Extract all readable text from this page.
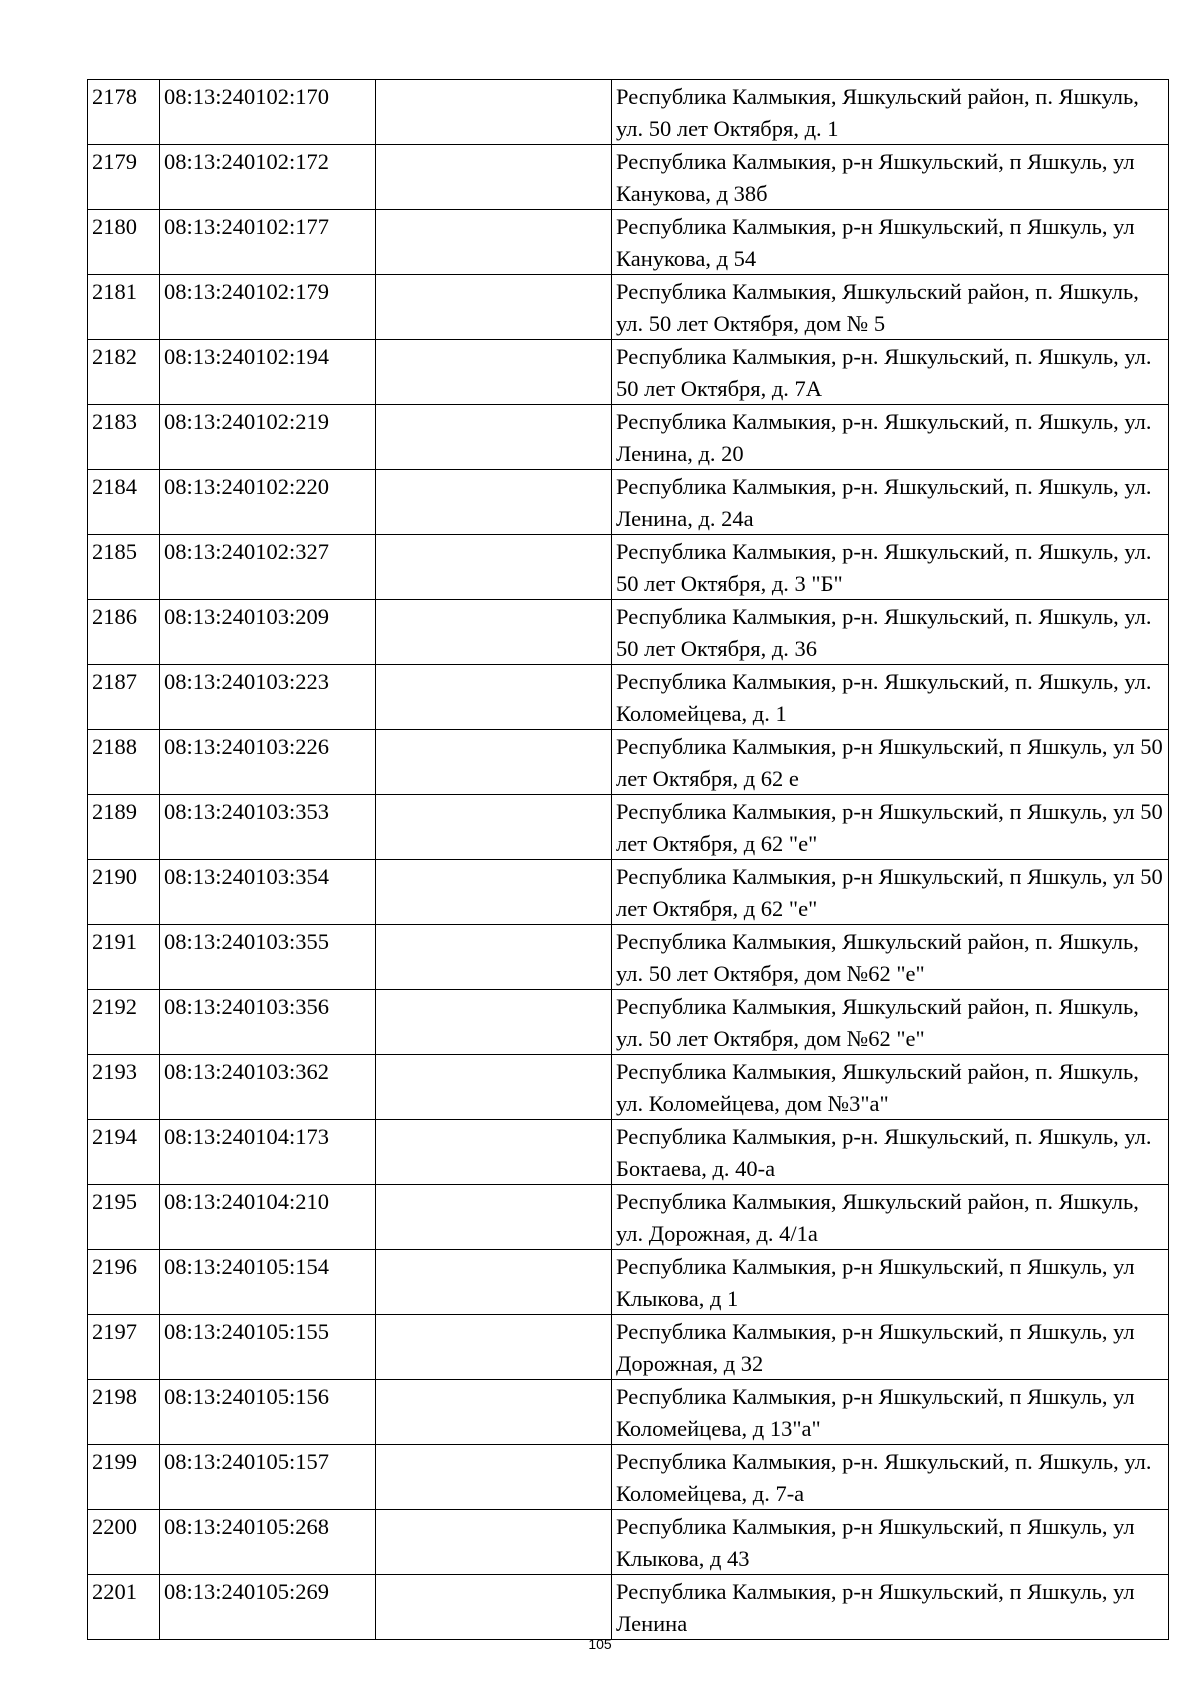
2178	08:13:240102:170		Республика Калмыкия, Яшкульский район, п. Яшкуль, ул. 50 лет Октября, д. 1
2179	08:13:240102:172		Республика Калмыкия, р-н Яшкульский, п Яшкуль, ул Канукова, д 38б
2180	08:13:240102:177		Республика Калмыкия, р-н Яшкульский, п Яшкуль, ул Канукова, д 54
2181	08:13:240102:179		Республика Калмыкия, Яшкульский район, п. Яшкуль, ул. 50 лет Октября, дом № 5
2182	08:13:240102:194		Республика Калмыкия, р-н. Яшкульский, п. Яшкуль, ул. 50 лет Октября, д. 7А
2183	08:13:240102:219		Республика Калмыкия, р-н. Яшкульский, п. Яшкуль, ул. Ленина, д. 20
2184	08:13:240102:220		Республика Калмыкия, р-н. Яшкульский, п. Яшкуль, ул. Ленина, д. 24а
2185	08:13:240102:327		Республика Калмыкия, р-н. Яшкульский, п. Яшкуль, ул. 50 лет Октября, д. 3 "Б"
2186	08:13:240103:209		Республика Калмыкия, р-н. Яшкульский, п. Яшкуль, ул. 50 лет Октября, д. 36
2187	08:13:240103:223		Республика Калмыкия, р-н. Яшкульский, п. Яшкуль, ул. Коломейцева, д. 1
2188	08:13:240103:226		Республика Калмыкия, р-н Яшкульский, п Яшкуль, ул 50 лет Октября, д 62 е
2189	08:13:240103:353		Республика Калмыкия, р-н Яшкульский, п Яшкуль, ул 50 лет Октября, д 62 "е"
2190	08:13:240103:354		Республика Калмыкия, р-н Яшкульский, п Яшкуль, ул 50 лет Октября, д 62 "е"
2191	08:13:240103:355		Республика Калмыкия, Яшкульский район, п. Яшкуль, ул. 50 лет Октября, дом №62 "е"
2192	08:13:240103:356		Республика Калмыкия, Яшкульский район, п. Яшкуль, ул. 50 лет Октября, дом №62 "е"
2193	08:13:240103:362		Республика Калмыкия, Яшкульский район, п. Яшкуль, ул. Коломейцева, дом №3"а"
2194	08:13:240104:173		Республика Калмыкия, р-н. Яшкульский, п. Яшкуль, ул. Боктаева, д. 40-а
2195	08:13:240104:210		Республика Калмыкия, Яшкульский район, п. Яшкуль, ул. Дорожная, д. 4/1а
2196	08:13:240105:154		Республика Калмыкия, р-н Яшкульский, п Яшкуль, ул Клыкова, д 1
2197	08:13:240105:155		Республика Калмыкия, р-н Яшкульский, п Яшкуль, ул Дорожная, д 32
2198	08:13:240105:156		Республика Калмыкия, р-н Яшкульский, п Яшкуль, ул Коломейцева, д 13"а"
2199	08:13:240105:157		Республика Калмыкия, р-н. Яшкульский, п. Яшкуль, ул. Коломейцева, д. 7-а
2200	08:13:240105:268		Республика Калмыкия, р-н Яшкульский, п Яшкуль, ул Клыкова, д 43
2201	08:13:240105:269		Республика Калмыкия, р-н Яшкульский, п Яшкуль, ул Ленина
105
